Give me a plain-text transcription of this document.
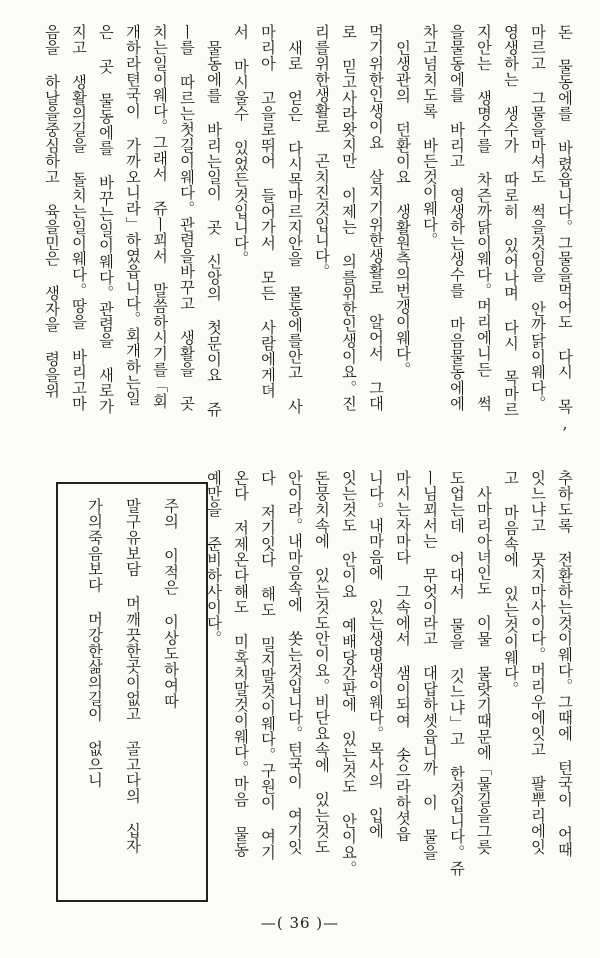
돈 물동에를 바렸읍니다。그물을먹어도 다시 목,
마르고 그물을마셔도 썩을것임을 안까닭이웨다。
영생하는 생수가 따로히 있어나며 다시 목마르
지안는 생명수를 차즌까닭이웨다。머리에니든 썩
을물동에를 바리고 영생하는생수를 마음물동에에
차고넘치도록 바든것이웨다。
인생관의 던환이요 생활원측의번갱이웨다。
먹기위한인생이요 살지기위한생활로 알어서 그대
로 믿고사라왓지만 이제는 의를위한인생이요。진
리를위한생활로 곤치진것입니다。
새로 얻은 다시목마르지안을 물동에를안고 사
마리아 고을로뛰어 들어가서 모든 사람에게뎌
서 마시울수 있었든것입니다。
물동에를 바리는일이 곳 신앙의 첫문이요 쥬
ㅣ를 따르는첫길이웨다。관렴을바꾸고 생활을 곳
치는일이웨다。그래서 쥬ㅣ꾀서 말씀하시기를「회
개하라텬국이 가까오니라」하였읍니다。회개하는일
은 곳 물동에를 바꾸는일이웨다。관렴을 새로가
지고 생활의길을 돌치는일이웨다。땅을 바리고마
음을 하날을중심하고 육을민은 생자을 령을위
추하도록 전환하는것이웨다。그때에 턴국이 어때
잇느냐고 뭇지마사이다。머리우에잇고 팔뿌리에잇
고 마음속에 있는것이웨다。
사마리아녀인도 이물 물랏기때문에「물길을그릇
도업는데 어대서 물을 깃느냐」고 한것입니다。쥬
ㅣ님꾀서는 무엇이라고 대답하셋읍니까 이 물을
마시는자마다 그속에서 샘이되여 솟으라하셧읍
니다。내마음에 있는생명샘이웨다。목사의 입에
잇는것도 안이요 예배당간판에 있는것도 안이요。
돈뭉치속에 있는것도안이요。비단요속에 있는것도
안이라。내마음속에 쏫는것입니다。턴국이 여기잇
다 저기잇다 해도 밀지말것이웨다。구원이 여기
온다 저제온다해도 미혹치말것이웨다。마음 물동
예만을 준비하사이다。
주의 이적은 이상도하여따
말구유보담 머깨끗한곳이없고 골고다의 십자
가의죽음보다 머강한삶의길이 없으니
—( 36 )—
